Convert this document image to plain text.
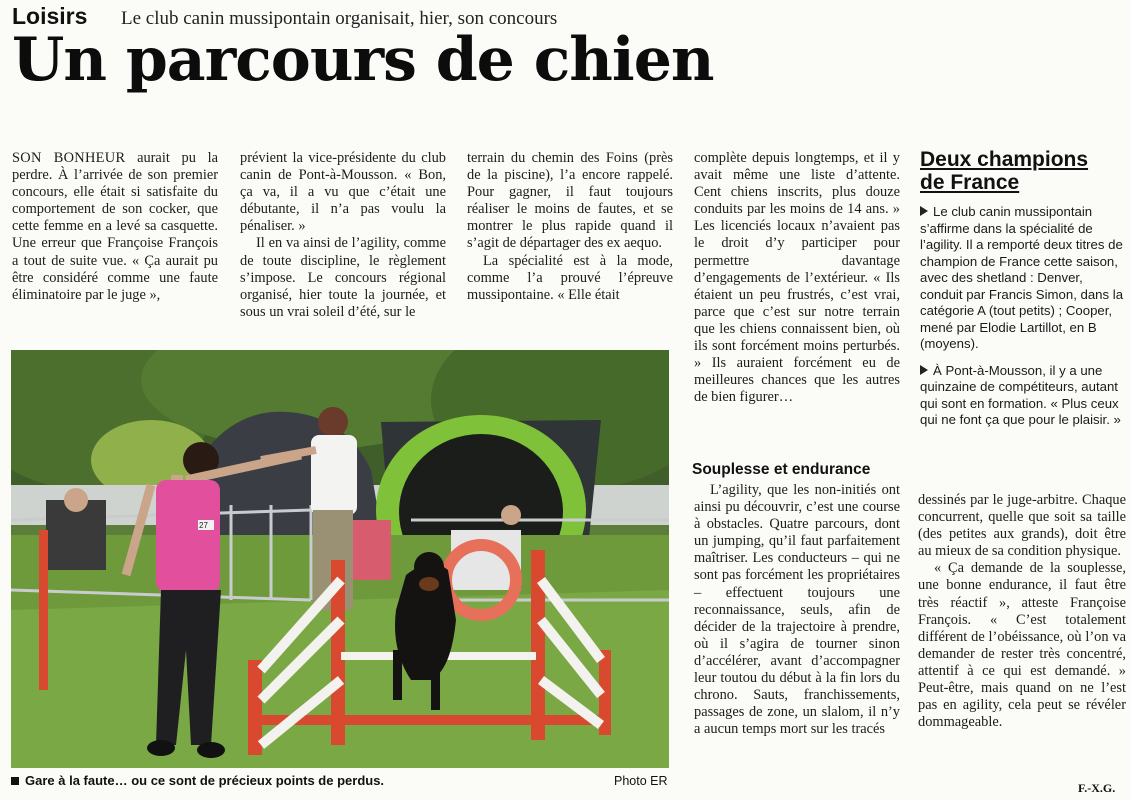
Loisirs Le club canin mussipontain organisait, hier, son concours
Un parcours de chien

SON BONHEUR aurait pu la perdre. À l’arrivée de son premier concours, elle était si satisfaite du comportement de son cocker, que cette femme en a levé sa casquette. Une erreur que Françoise François a tout de suite vue. « Ça aurait pu être considéré comme une faute éliminatoire par le juge »,

prévient la vice-présidente du club canin de Pont-à-Mousson. « Bon, ça va, il a vu que c’était une débutante, il n’a pas voulu la pénaliser. »

Il en va ainsi de l’agility, comme de toute discipline, le règlement s’impose. Le concours régional organisé, hier toute la journée, et sous un vrai soleil d’été, sur le

terrain du chemin des Foins (près de la piscine), l’a encore rappelé. Pour gagner, il faut toujours réaliser le moins de fautes, et se montrer le plus rapide quand il s’agit de départager des ex aequo.

La spécialité est à la mode, comme l’a prouvé l’épreuve mussipontaine. « Elle était

complète depuis longtemps, et il y avait même une liste d’attente. Cent chiens inscrits, plus douze conduits par les moins de 14 ans. » Les licenciés locaux n’avaient pas le droit d’y participer pour permettre davantage d’engagements de l’extérieur. « Ils étaient un peu frustrés, c’est vrai, parce que c’est sur notre terrain que les chiens connaissent bien, où ils sont forcément moins perturbés. » Ils auraient forcément eu de meilleures chances que les autres de bien figurer…

Souplesse et endurance

L’agility, que les non-initiés ont ainsi pu découvrir, c’est une course à obstacles. Quatre parcours, dont un jumping, qu’il faut parfaitement maîtriser. Les conducteurs – qui ne sont pas forcément les propriétaires – effectuent toujours une reconnaissance, seuls, afin de décider de la trajectoire à prendre, où il s’agira de tourner sinon d’accélérer, avant d’accompagner leur toutou du début à la fin lors du chrono. Sauts, franchissements, passages de zone, un slalom, il n’y a aucun temps mort sur les tracés

dessinés par le juge-arbitre. Chaque concurrent, quelle que soit sa taille (des petites aux grands), doit être au mieux de sa condition physique.

« Ça demande de la souplesse, une bonne endurance, il faut être très réactif », atteste Françoise François. « C’est totalement différent de l’obéissance, où l’on va demander de rester très concentré, attentif à ce qui est demandé. » Peut-être, mais quand on ne l’est pas en agility, cela peut se révéler dommageable.

Deux champions
de France

Le club canin mussipontain s’affirme dans la spécialité de l’agility. Il a remporté deux titres de champion de France cette saison, avec des shetland : Denver, conduit par Francis Simon, dans la catégorie A (tout petits) ; Cooper, mené par Elodie Lartillot, en B (moyens).

À Pont-à-Mousson, il y a une quinzaine de compétiteurs, autant qui sont en formation. « Plus ceux qui ne font ça que pour le plaisir. »

27
Gare à la faute… ou ce sont de précieux points de perdus.	Photo ER	F.-X.G.
